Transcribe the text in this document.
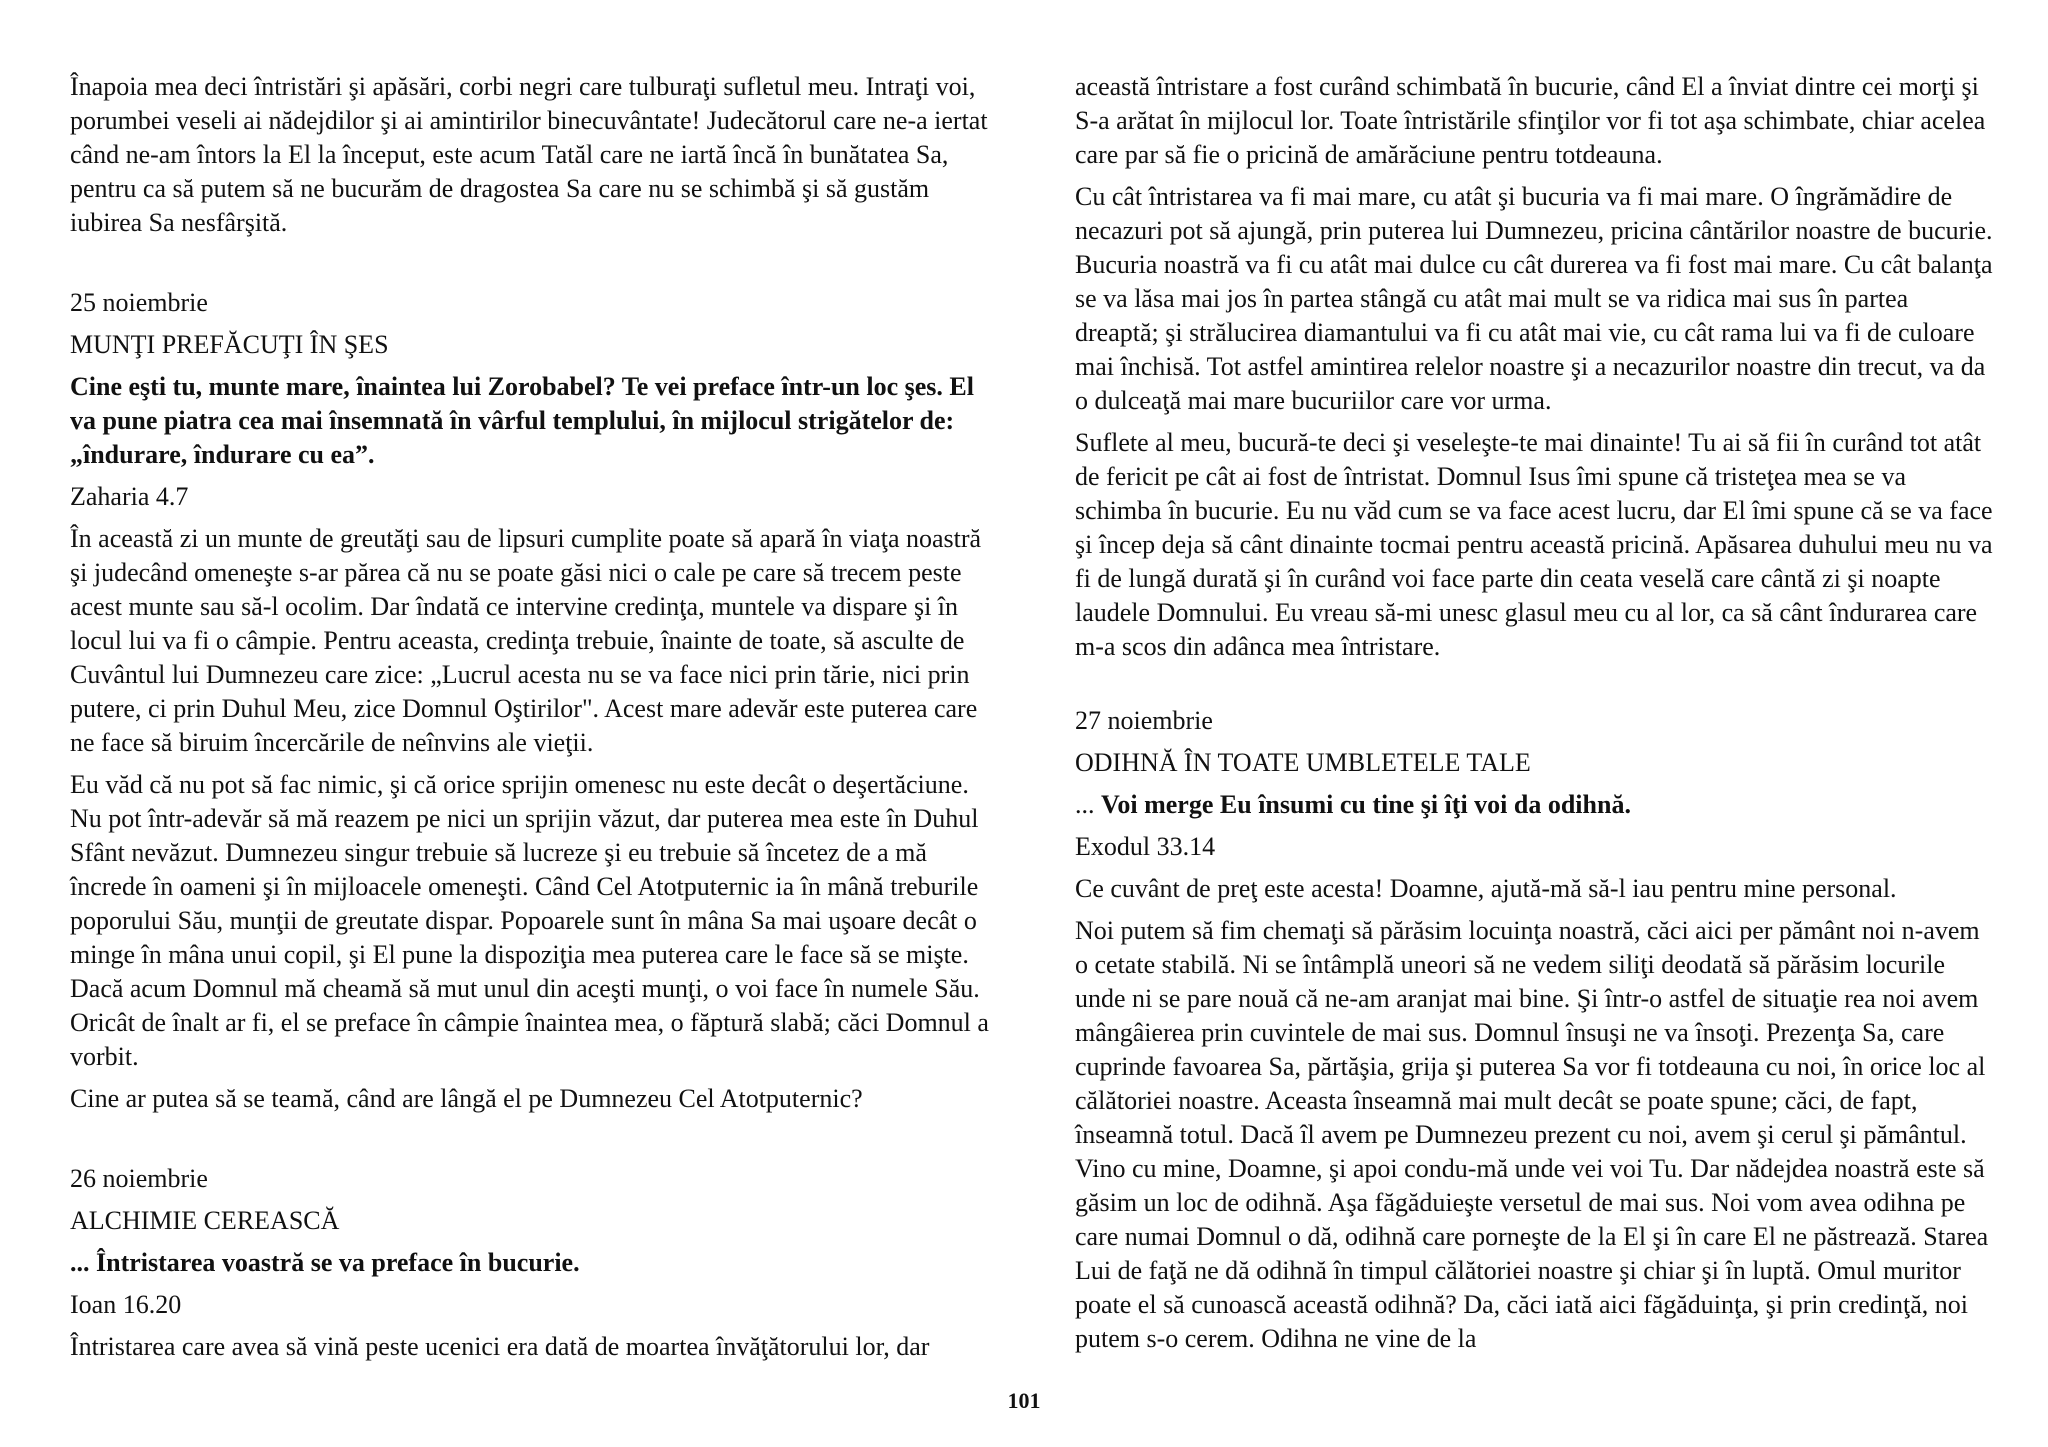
Înapoia mea deci întristări şi apăsări, corbi negri care tulburaţi sufletul meu. Intraţi voi, porumbei veseli ai nădejdilor şi ai amintirilor binecuvântate! Judecătorul care ne-a iertat când ne-am întors la El la început, este acum Tatăl care ne iartă încă în bunătatea Sa, pentru ca să putem să ne bucurăm de dragostea Sa care nu se schimbă şi să gustăm iubirea Sa nesfârşită.

25 noiembrie
MUNŢI PREFĂCUŢI ÎN ŞES

Cine eşti tu, munte mare, înaintea lui Zorobabel? Te vei preface într-un loc şes. El va pune piatra cea mai însemnată în vârful templului, în mijlocul strigătelor de: „îndurare, îndurare cu ea”.

Zaharia 4.7

În această zi un munte de greutăţi sau de lipsuri cumplite poate să apară în viaţa noastră şi judecând omeneşte s-ar părea că nu se poate găsi nici o cale pe care să trecem peste acest munte sau să-l ocolim. Dar îndată ce intervine credinţa, muntele va dispare şi în locul lui va fi o câmpie. Pentru aceasta, credinţa trebuie, înainte de toate, să asculte de Cuvântul lui Dumnezeu care zice: „Lucrul acesta nu se va face nici prin tărie, nici prin putere, ci prin Duhul Meu, zice Domnul Oştirilor". Acest mare adevăr este puterea care ne face să biruim încercările de neînvins ale vieţii.

Eu văd că nu pot să fac nimic, şi că orice sprijin omenesc nu este decât o deşertăciune. Nu pot într-adevăr să mă reazem pe nici un sprijin văzut, dar puterea mea este în Duhul Sfânt nevăzut. Dumnezeu singur trebuie să lucreze şi eu trebuie să încetez de a mă încrede în oameni şi în mijloacele omeneşti. Când Cel Atotputernic ia în mână treburile poporului Său, munţii de greutate dispar. Popoarele sunt în mâna Sa mai uşoare decât o minge în mâna unui copil, şi El pune la dispoziţia mea puterea care le face să se mişte. Dacă acum Domnul mă cheamă să mut unul din aceşti munţi, o voi face în numele Său. Oricât de înalt ar fi, el se preface în câmpie înaintea mea, o făptură slabă; căci Domnul a vorbit.

Cine ar putea să se teamă, când are lângă el pe Dumnezeu Cel Atotputernic?

26 noiembrie
ALCHIMIE CEREASCĂ

... Întristarea voastră se va preface în bucurie.

Ioan 16.20

Întristarea care avea să vină peste ucenici era dată de moartea învăţătorului lor, dar

această întristare a fost curând schimbată în bucurie, când El a înviat dintre cei morţi şi S-a arătat în mijlocul lor. Toate întristările sfinţilor vor fi tot aşa schimbate, chiar acelea care par să fie o pricină de amărăciune pentru totdeauna.

Cu cât întristarea va fi mai mare, cu atât şi bucuria va fi mai mare. O îngrămădire de necazuri pot să ajungă, prin puterea lui Dumnezeu, pricina cântărilor noastre de bucurie. Bucuria noastră va fi cu atât mai dulce cu cât durerea va fi fost mai mare. Cu cât balanţa se va lăsa mai jos în partea stângă cu atât mai mult se va ridica mai sus în partea dreaptă; şi strălucirea diamantului va fi cu atât mai vie, cu cât rama lui va fi de culoare mai închisă. Tot astfel amintirea relelor noastre şi a necazurilor noastre din trecut, va da o dulceaţă mai mare bucuriilor care vor urma.

Suflete al meu, bucură-te deci şi veseleşte-te mai dinainte! Tu ai să fii în curând tot atât de fericit pe cât ai fost de întristat. Domnul Isus îmi spune că tristeţea mea se va schimba în bucurie. Eu nu văd cum se va face acest lucru, dar El îmi spune că se va face şi încep deja să cânt dinainte tocmai pentru această pricină. Apăsarea duhului meu nu va fi de lungă durată şi în curând voi face parte din ceata veselă care cântă zi şi noapte laudele Domnului. Eu vreau să-mi unesc glasul meu cu al lor, ca să cânt îndurarea care m-a scos din adânca mea întristare.

27 noiembrie
ODIHNĂ ÎN TOATE UMBLETELE TALE

... Voi merge Eu însumi cu tine şi îţi voi da odihnă.

Exodul 33.14

Ce cuvânt de preţ este acesta! Doamne, ajută-mă să-l iau pentru mine personal.

Noi putem să fim chemaţi să părăsim locuinţa noastră, căci aici per pământ noi n-avem o cetate stabilă. Ni se întâmplă uneori să ne vedem siliţi deodată să părăsim locurile unde ni se pare nouă că ne-am aranjat mai bine. Şi într-o astfel de situaţie rea noi avem mângâierea prin cuvintele de mai sus. Domnul însuşi ne va însoţi. Prezenţa Sa, care cuprinde favoarea Sa, părtăşia, grija şi puterea Sa vor fi totdeauna cu noi, în orice loc al călătoriei noastre. Aceasta înseamnă mai mult decât se poate spune; căci, de fapt, înseamnă totul. Dacă îl avem pe Dumnezeu prezent cu noi, avem şi cerul şi pământul. Vino cu mine, Doamne, şi apoi condu-mă unde vei voi Tu. Dar nădejdea noastră este să găsim un loc de odihnă. Aşa făgăduieşte versetul de mai sus. Noi vom avea odihna pe care numai Domnul o dă, odihnă care porneşte de la El şi în care El ne păstrează. Starea Lui de faţă ne dă odihnă în timpul călătoriei noastre şi chiar şi în luptă. Omul muritor poate el să cunoască această odihnă? Da, căci iată aici făgăduinţa, şi prin credinţă, noi putem s-o cerem. Odihna ne vine de la

101
